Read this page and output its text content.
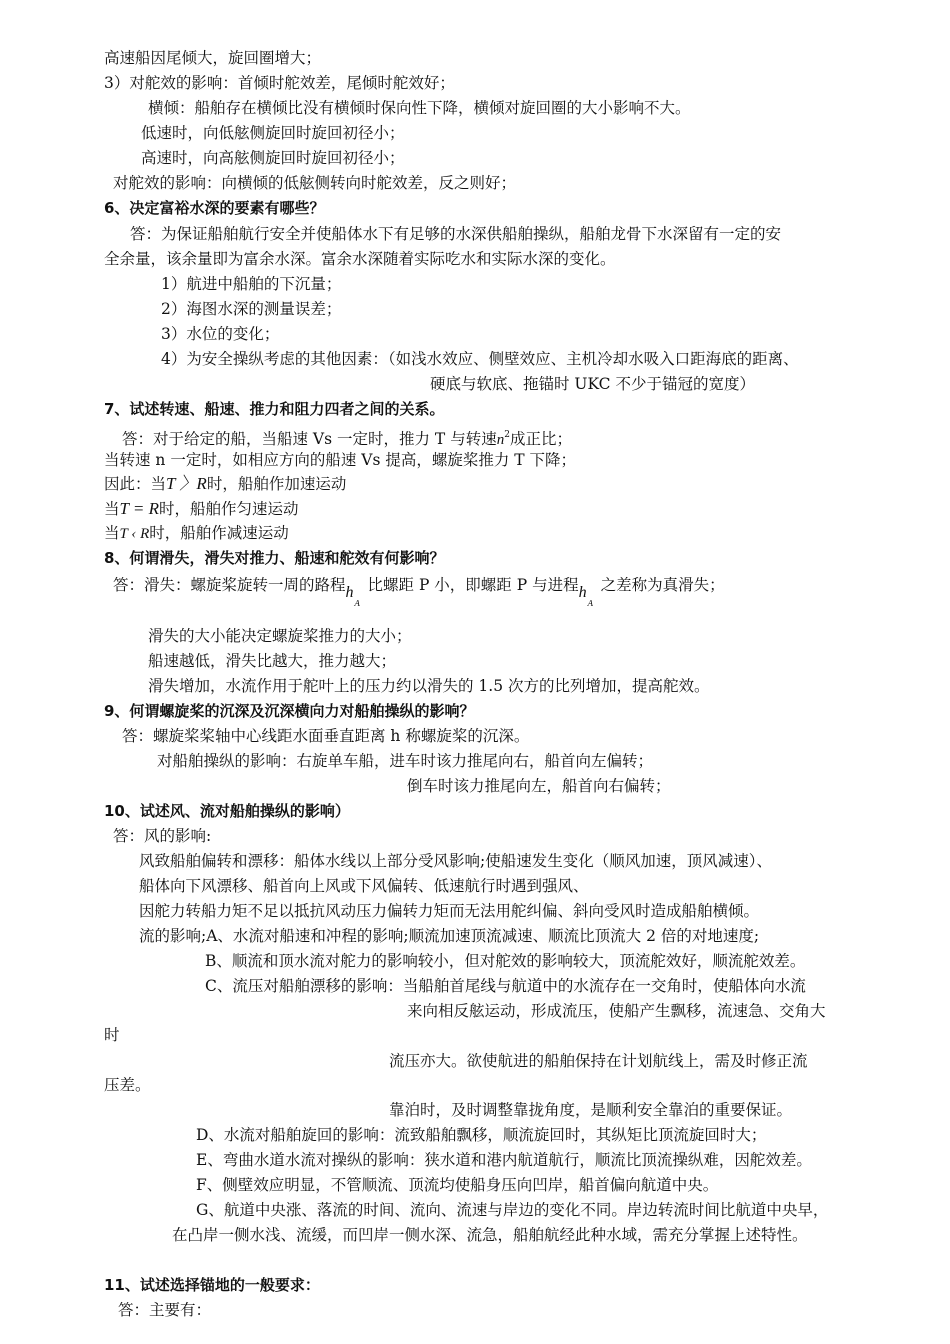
高速船因尾倾大，旋回圈增大；
3）对舵效的影响：首倾时舵效差，尾倾时舵效好；
横倾：船舶存在横倾比没有横倾时保向性下降，横倾对旋回圈的大小影响不大。
低速时，向低舷侧旋回时旋回初径小；
高速时，向高舷侧旋回时旋回初径小；
对舵效的影响：向横倾的低舷侧转向时舵效差，反之则好；
6、决定富裕水深的要素有哪些？
答：为保证船舶航行安全并使船体水下有足够的水深供船舶操纵，船舶龙骨下水深留有一定的安
全余量，该余量即为富余水深。富余水深随着实际吃水和实际水深的变化。
1）航进中船舶的下沉量；
2）海图水深的测量误差；
3）水位的变化；
4）为安全操纵考虑的其他因素：（如浅水效应、侧壁效应、主机冷却水吸入口距海底的距离、
硬底与软底、拖锚时 UKC 不少于锚冠的宽度）
7、试述转速、船速、推力和阻力四者之间的关系。
答：对于给定的船，当船速 Vs 一定时，推力 T 与转速$n^2$成正比；
当转速 n 一定时，如相应方向的船速 Vs 提高，螺旋桨推力 T 下降；
因此：当T 〉R时，船舶作加速运动
当T = R时，船舶作匀速运动
当T ‹ R时，船舶作减速运动
8、何谓滑失，滑失对推力、船速和舵效有何影响？
答：滑失：螺旋桨旋转一周的路程 h
A
比螺距 P 小，即螺距 P 与进程 h
A
之差称为真滑失；
滑失的大小能决定螺旋桨推力的大小；
船速越低，滑失比越大，推力越大；
滑失增加，水流作用于舵叶上的压力约以滑失的 1.5 次方的比列增加，提高舵效。
9、何谓螺旋桨的沉深及沉深横向力对船舶操纵的影响？
答：螺旋桨桨轴中心线距水面垂直距离 h 称螺旋桨的沉深。
对船舶操纵的影响：右旋单车船，进车时该力推尾向右，船首向左偏转；
倒车时该力推尾向左，船首向右偏转；
10、试述风、流对船舶操纵的影响）
答：风的影响:
风致船舶偏转和漂移：船体水线以上部分受风影响;使船速发生变化（顺风加速，顶风减速）、
船体向下风漂移、船首向上风或下风偏转、低速航行时遇到强风、
因舵力转船力矩不足以抵抗风动压力偏转力矩而无法用舵纠偏、斜向受风时造成船舶横倾。
流的影响;A、水流对船速和冲程的影响;顺流加速顶流减速、顺流比顶流大 2 倍的对地速度;
B、顺流和顶水流对舵力的影响较小，但对舵效的影响较大，顶流舵效好，顺流舵效差。
C、流压对船舶漂移的影响：当船舶首尾线与航道中的水流存在一交角时，使船体向水流
来向相反舷运动，形成流压，使船产生飘移，流速急、交角大
时
流压亦大。欲使航进的船舶保持在计划航线上，需及时修正流
压差。
靠泊时，及时调整靠拢角度，是顺利安全靠泊的重要保证。
D、水流对船舶旋回的影响：流致船舶飘移，顺流旋回时，其纵矩比顶流旋回时大；
E、弯曲水道水流对操纵的影响：狭水道和港内航道航行，顺流比顶流操纵难，因舵效差。
F、侧壁效应明显，不管顺流、顶流均使船身压向凹岸，船首偏向航道中央。
G、航道中央涨、落流的时间、流向、流速与岸边的变化不同。岸边转流时间比航道中央早，
在凸岸一侧水浅、流缓，而凹岸一侧水深、流急，船舶航经此种水域，需充分掌握上述特性。
11、试述选择锚地的一般要求：
答：主要有：
